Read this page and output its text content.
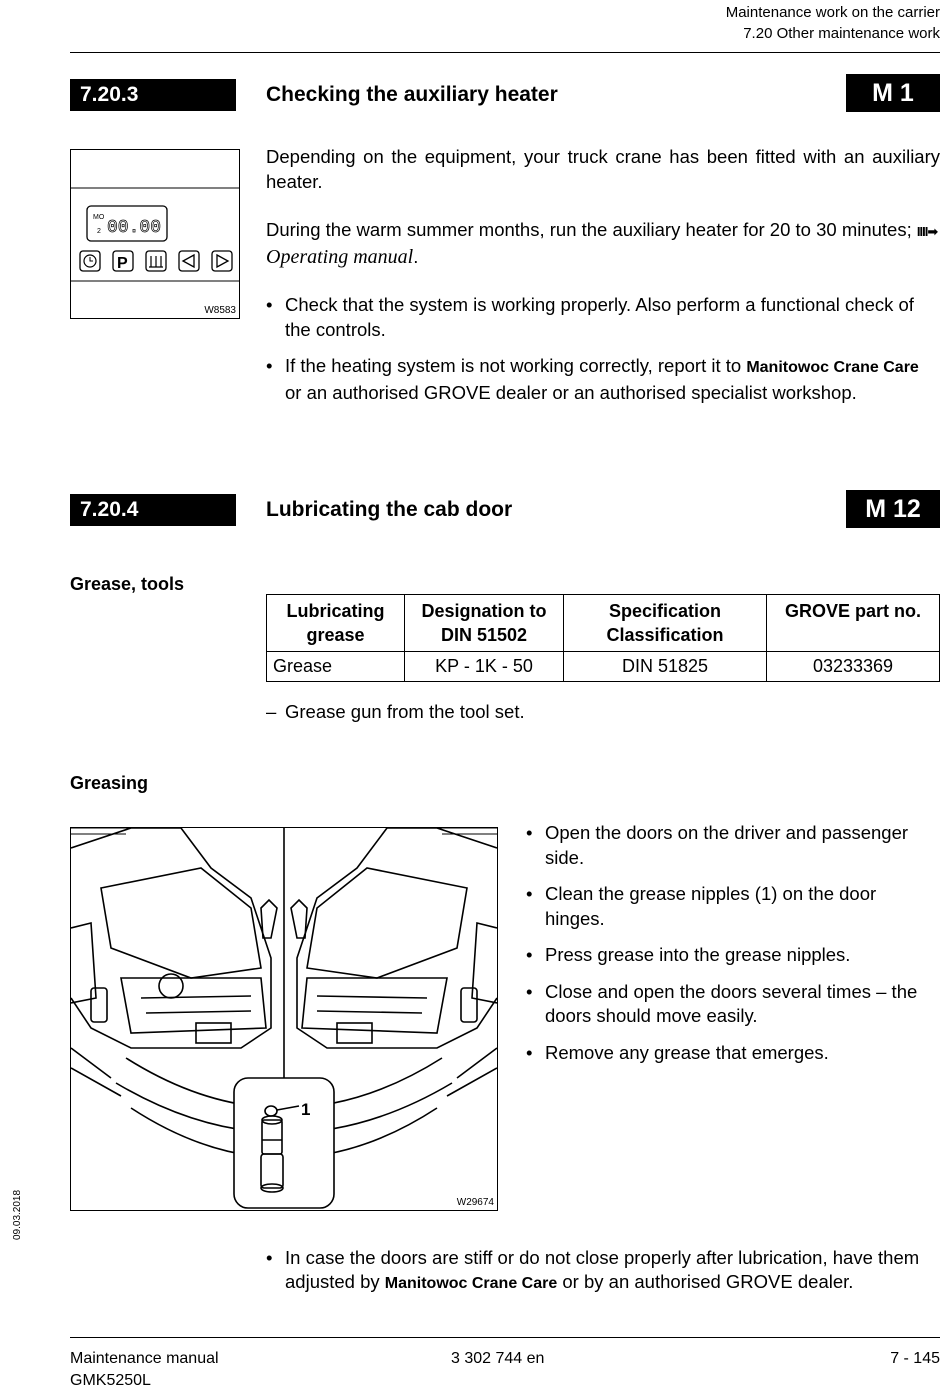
Maintenance work on the carrier
7.20 Other maintenance work
7.20.3	Checking the auxiliary heater	M 1
MO
2 00.00
P
W8583
Depending on the equipment, your truck crane has been fitted with an auxiliary heater.
During the warm summer months, run the auxiliary heater for 20 to 30 minutes; IIII➡ Operating manual.
• Check that the system is working properly. Also perform a functional check of the controls.
• If the heating system is not working correctly, report it to Manitowoc Crane Care or an authorised GROVE dealer or an authorised specialist workshop.
7.20.4	Lubricating the cab door	M 12
Grease, tools
Lubricating grease	Designation to DIN 51502	Specification Classification	GROVE part no.
Grease	KP - 1K - 50	DIN 51825	03233369
– Grease gun from the tool set.
Greasing
1
W29674
• Open the doors on the driver and passenger side.
• Clean the grease nipples (1) on the door hinges.
• Press grease into the grease nipples.
• Close and open the doors several times – the doors should move easily.
• Remove any grease that emerges.
• In case the doors are stiff or do not close properly after lubrication, have them adjusted by Manitowoc Crane Care or by an authorised GROVE dealer.
09.03.2018
Maintenance manual
GMK5250L
3 302 744 en	7 - 145
